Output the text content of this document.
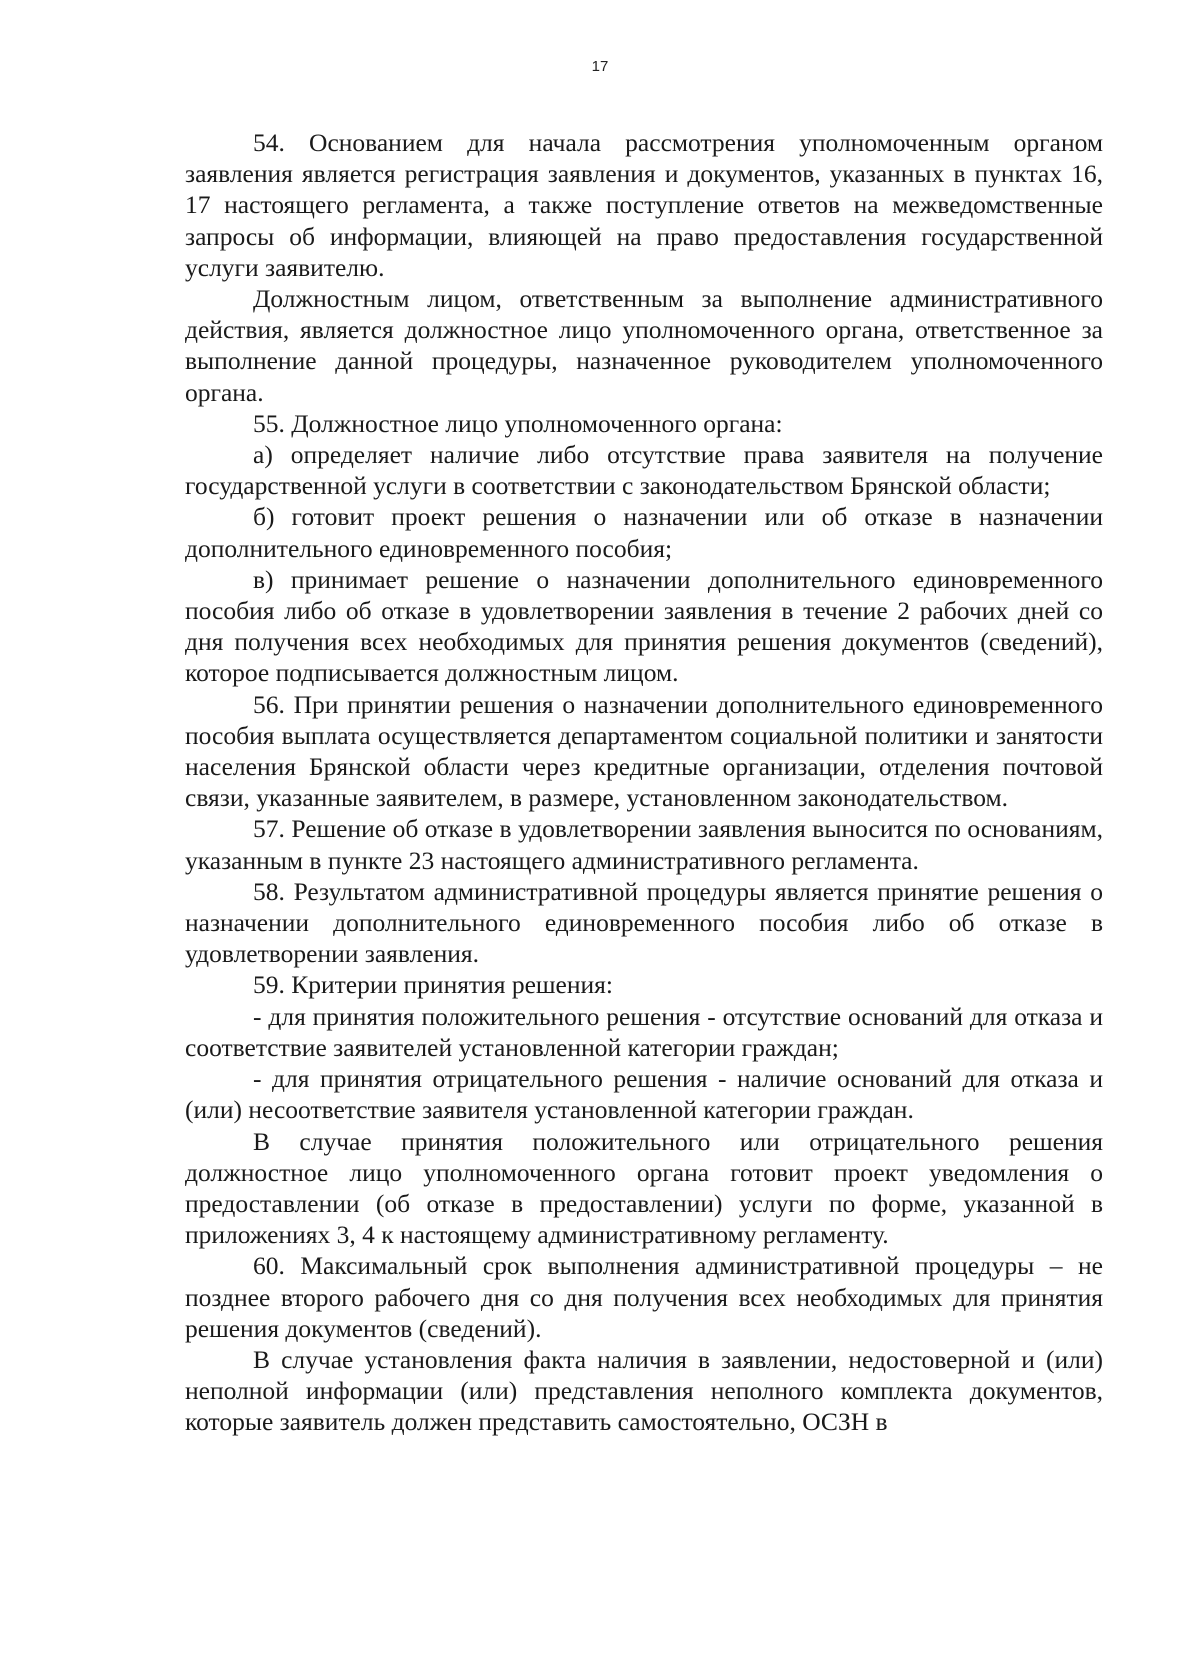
17

54. Основанием для начала рассмотрения уполномоченным органом заявления является регистрация заявления и документов, указанных в пунктах 16, 17 настоящего регламента, а также поступление ответов на межведомственные запросы об информации, влияющей на право предоставления государственной услуги заявителю.

Должностным лицом, ответственным за выполнение административного действия, является должностное лицо уполномоченного органа, ответственное за выполнение данной процедуры, назначенное руководителем уполномоченного органа.

55. Должностное лицо уполномоченного органа:

а) определяет наличие либо отсутствие права заявителя на получение государственной услуги в соответствии с законодательством Брянской области;

б) готовит проект решения о назначении или об отказе в назначении дополнительного единовременного пособия;

в) принимает решение о назначении дополнительного единовременного пособия либо об отказе в удовлетворении заявления в течение 2 рабочих дней со дня получения всех необходимых для принятия решения документов (сведений), которое подписывается должностным лицом.

56. При принятии решения о назначении дополнительного единовременного пособия выплата осуществляется департаментом социальной политики и занятости населения Брянской области через кредитные организации, отделения почтовой связи, указанные заявителем, в размере, установленном законодательством.

57. Решение об отказе в удовлетворении заявления выносится по основаниям, указанным в пункте 23 настоящего административного регламента.

58. Результатом административной процедуры является принятие решения о назначении дополнительного единовременного пособия либо об отказе в удовлетворении заявления.

59. Критерии принятия решения:

- для принятия положительного решения - отсутствие оснований для отказа и соответствие заявителей установленной категории граждан;

- для принятия отрицательного решения - наличие оснований для отказа и (или) несоответствие заявителя установленной категории граждан.

В случае принятия положительного или отрицательного решения должностное лицо уполномоченного органа готовит проект уведомления о предоставлении (об отказе в предоставлении) услуги по форме, указанной в приложениях 3, 4 к настоящему административному регламенту.

60. Максимальный срок выполнения административной процедуры – не позднее второго рабочего дня со дня получения всех необходимых для принятия решения документов (сведений).

В случае установления факта наличия в заявлении, недостоверной и (или) неполной информации (или) представления неполного комплекта документов, которые заявитель должен представить самостоятельно, ОСЗН в
